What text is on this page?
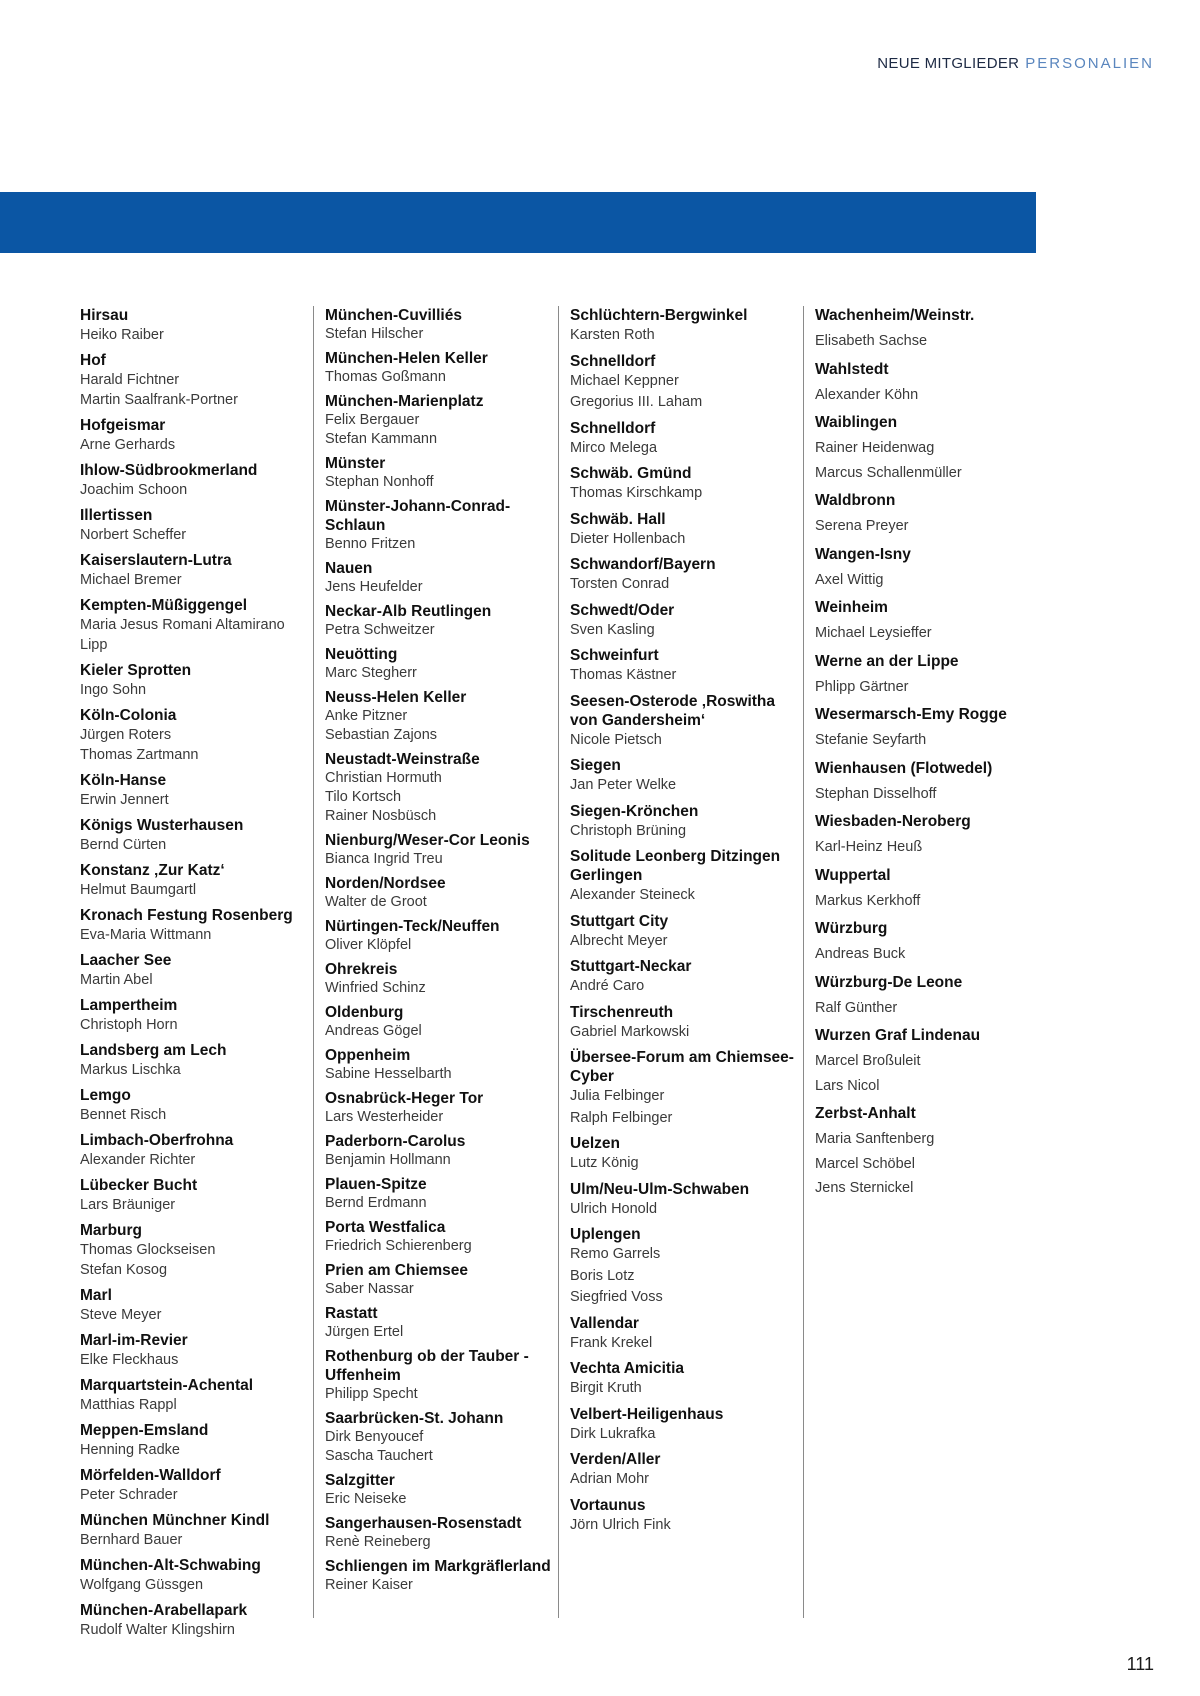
NEUE MITGLIEDER PERSONALIEN
Hirsau
Heiko Raiber
Hof
Harald Fichtner
Martin Saalfrank-Portner
Hofgeismar
Arne Gerhards
Ihlow-Südbrookmerland
Joachim Schoon
Illertissen
Norbert Scheffer
Kaiserslautern-Lutra
Michael Bremer
Kempten-Müßiggengel
Maria Jesus Romani Altamirano Lipp
Kieler Sprotten
Ingo Sohn
Köln-Colonia
Jürgen Roters
Thomas Zartmann
Köln-Hanse
Erwin Jennert
Königs Wusterhausen
Bernd Cürten
Konstanz ‚Zur Katz‘
Helmut Baumgartl
Kronach Festung Rosenberg
Eva-Maria Wittmann
Laacher See
Martin Abel
Lampertheim
Christoph Horn
Landsberg am Lech
Markus Lischka
Lemgo
Bennet Risch
Limbach-Oberfrohna
Alexander Richter
Lübecker Bucht
Lars Bräuniger
Marburg
Thomas Glockseisen
Stefan Kosog
Marl
Steve Meyer
Marl-im-Revier
Elke Fleckhaus
Marquartstein-Achental
Matthias Rappl
Meppen-Emsland
Henning Radke
Mörfelden-Walldorf
Peter Schrader
München Münchner Kindl
Bernhard Bauer
München-Alt-Schwabing
Wolfgang Güssgen
München-Arabellapark
Rudolf Walter Klingshirn
München-Cuvilliés
Stefan Hilscher
München-Helen Keller
Thomas Goßmann
München-Marienplatz
Felix Bergauer
Stefan Kammann
Münster
Stephan Nonhoff
Münster-Johann-Conrad-Schlaun
Benno Fritzen
Nauen
Jens Heufelder
Neckar-Alb Reutlingen
Petra Schweitzer
Neuötting
Marc Stegherr
Neuss-Helen Keller
Anke Pitzner
Sebastian Zajons
Neustadt-Weinstraße
Christian Hormuth
Tilo Kortsch
Rainer Nosbüsch
Nienburg/Weser-Cor Leonis
Bianca Ingrid Treu
Norden/Nordsee
Walter de Groot
Nürtingen-Teck/Neuffen
Oliver Klöpfel
Ohrekreis
Winfried Schinz
Oldenburg
Andreas Gögel
Oppenheim
Sabine Hesselbarth
Osnabrück-Heger Tor
Lars Westerheider
Paderborn-Carolus
Benjamin Hollmann
Plauen-Spitze
Bernd Erdmann
Porta Westfalica
Friedrich Schierenberg
Prien am Chiemsee
Saber Nassar
Rastatt
Jürgen Ertel
Rothenburg ob der Tauber - Uffenheim
Philipp Specht
Saarbrücken-St. Johann
Dirk Benyoucef
Sascha Tauchert
Salzgitter
Eric Neiseke
Sangerhausen-Rosenstadt
Renè Reineberg
Schliengen im Markgräflerland
Reiner Kaiser
Schlüchtern-Bergwinkel
Karsten Roth
Schnelldorf
Michael Keppner
Gregorius III. Laham
Schnelldorf
Mirco Melega
Schwäb. Gmünd
Thomas Kirschkamp
Schwäb. Hall
Dieter Hollenbach
Schwandorf/Bayern
Torsten Conrad
Schwedt/Oder
Sven Kasling
Schweinfurt
Thomas Kästner
Seesen-Osterode ‚Roswitha von Gandersheim‘
Nicole Pietsch
Siegen
Jan Peter Welke
Siegen-Krönchen
Christoph Brüning
Solitude Leonberg Ditzingen Gerlingen
Alexander Steineck
Stuttgart City
Albrecht Meyer
Stuttgart-Neckar
André Caro
Tirschenreuth
Gabriel Markowski
Übersee-Forum am Chiemsee-Cyber
Julia Felbinger
Ralph Felbinger
Uelzen
Lutz König
Ulm/Neu-Ulm-Schwaben
Ulrich Honold
Uplengen
Remo Garrels
Boris Lotz
Siegfried Voss
Vallendar
Frank Krekel
Vechta Amicitia
Birgit Kruth
Velbert-Heiligenhaus
Dirk Lukrafka
Verden/Aller
Adrian Mohr
Vortaunus
Jörn Ulrich Fink
Wachenheim/Weinstr.
Elisabeth Sachse
Wahlstedt
Alexander Köhn
Waiblingen
Rainer Heidenwag
Marcus Schallenmüller
Waldbronn
Serena Preyer
Wangen-Isny
Axel Wittig
Weinheim
Michael Leysieffer
Werne an der Lippe
Phlipp Gärtner
Wesermarsch-Emy Rogge
Stefanie Seyfarth
Wienhausen (Flotwedel)
Stephan Disselhoff
Wiesbaden-Neroberg
Karl-Heinz Heuß
Wuppertal
Markus Kerkhoff
Würzburg
Andreas Buck
Würzburg-De Leone
Ralf Günther
Wurzen Graf Lindenau
Marcel Broßuleit
Lars Nicol
Zerbst-Anhalt
Maria Sanftenberg
Marcel Schöbel
Jens Sternickel
111
